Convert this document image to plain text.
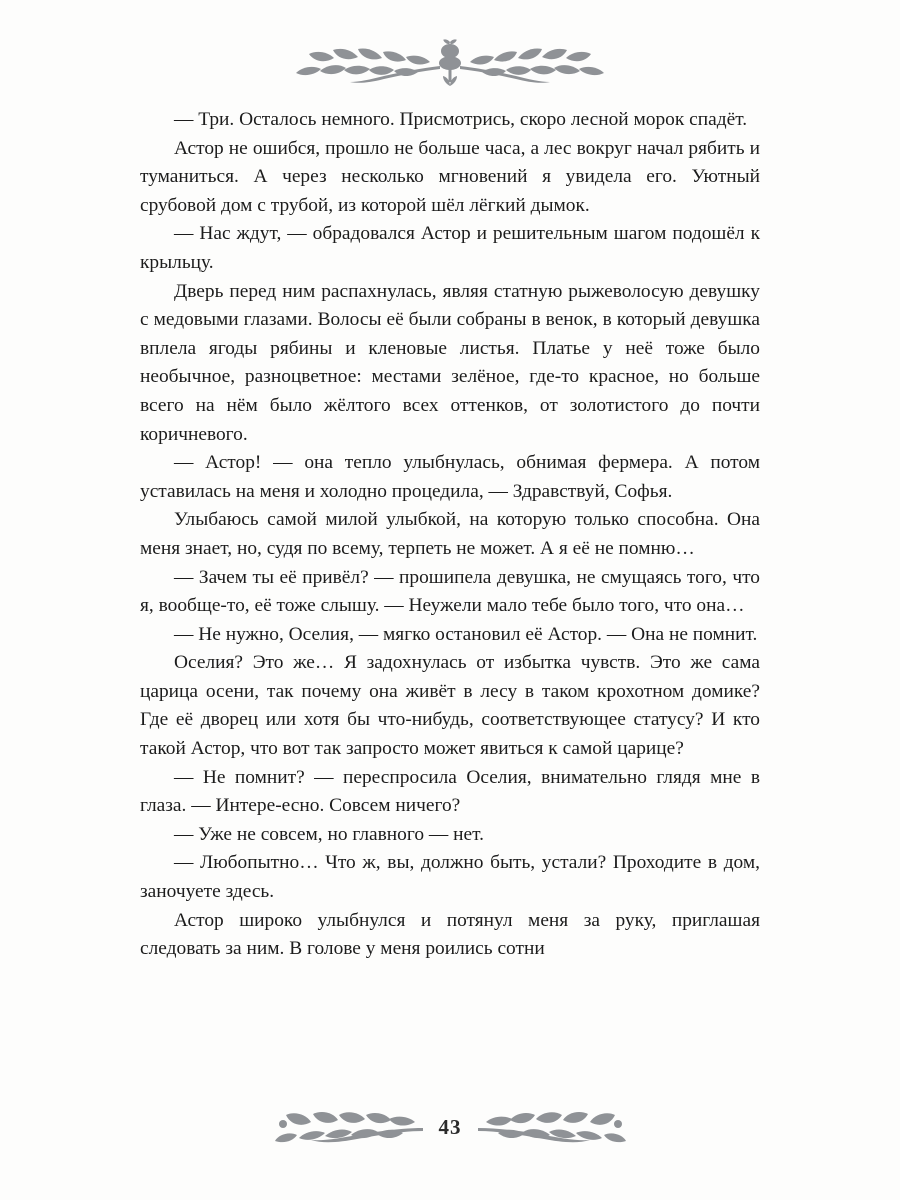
— Три. Осталось немного. Присмотрись, скоро лесной морок спадёт.

Астор не ошибся, прошло не больше часа, а лес вокруг начал рябить и туманиться. А через несколько мгновений я увидела его. Уютный срубовой дом с трубой, из которой шёл лёгкий дымок.

— Нас ждут, — обрадовался Астор и решительным шагом подошёл к крыльцу.

Дверь перед ним распахнулась, являя статную рыжеволосую девушку с медовыми глазами. Волосы её были собраны в венок, в который девушка вплела ягоды рябины и кленовые листья. Платье у неё тоже было необычное, разноцветное: местами зелёное, где-то красное, но больше всего на нём было жёлтого всех оттенков, от золотистого до почти коричневого.

— Астор! — она тепло улыбнулась, обнимая фермера. А потом уставилась на меня и холодно процедила, — Здравствуй, Софья.

Улыбаюсь самой милой улыбкой, на которую только способна. Она меня знает, но, судя по всему, терпеть не может. А я её не помню…

— Зачем ты её привёл? — прошипела девушка, не смущаясь того, что я, вообще-то, её тоже слышу. — Неужели мало тебе было того, что она…

— Не нужно, Оселия, — мягко остановил её Астор. — Она не помнит.

Оселия? Это же… Я задохнулась от избытка чувств. Это же сама царица осени, так почему она живёт в лесу в таком крохотном домике? Где её дворец или хотя бы что-нибудь, соответствующее статусу? И кто такой Астор, что вот так запросто может явиться к самой царице?

— Не помнит? — переспросила Оселия, внимательно глядя мне в глаза. — Интере-есно. Совсем ничего?

— Уже не совсем, но главного — нет.

— Любопытно… Что ж, вы, должно быть, устали? Проходите в дом, заночуете здесь.

Астор широко улыбнулся и потянул меня за руку, приглашая следовать за ним. В голове у меня роились сотни

43
